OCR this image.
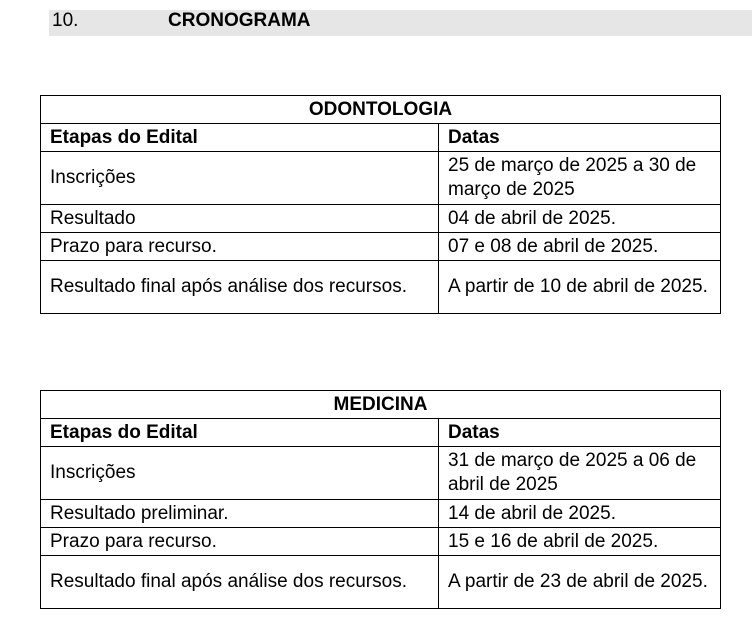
10.	CRONOGRAMA
ODONTOLOGIA	
Etapas do Edital	Datas
Inscrições	25 de março de 2025 a 30 de março de 2025
Resultado	04 de abril de 2025.
Prazo para recurso.	07 e 08 de abril de 2025.
Resultado final após análise dos recursos.	A partir de 10 de abril de 2025.
MEDICINA	
Etapas do Edital	Datas
Inscrições	31 de março de 2025 a 06 de abril de 2025
Resultado preliminar.	14 de abril de 2025.
Prazo para recurso.	15 e 16 de abril de 2025.
Resultado final após análise dos recursos.	A partir de 23 de abril de 2025.
